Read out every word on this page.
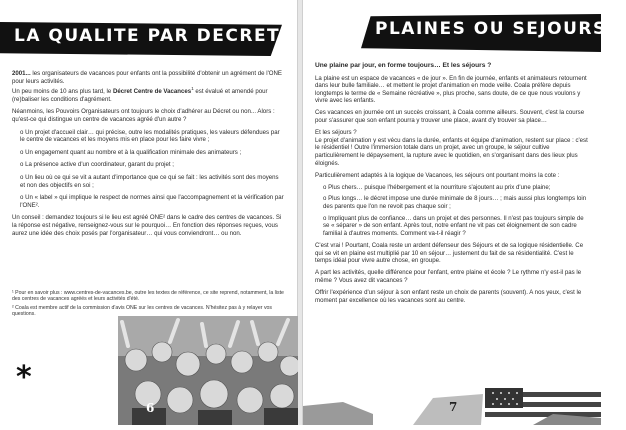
LA QUALITE PAR DECRET

2001... les organisateurs de vacances pour enfants ont la possibilité d'obtenir un agrément de l'ONE pour leurs activités.
Un peu moins de 10 ans plus tard, le Décret Centre de Vacances$^1$ est évalué et amendé pour (re)baliser les conditions d'agrément.

Néanmoins, les Pouvoirs Organisateurs ont toujours le choix d'adhérer au Décret ou non... Alors : qu'est-ce qui distingue un centre de vacances agréé d'un autre ?

o Un projet d'accueil clair… qui précise, outre les modalités pratiques, les valeurs défendues par le centre de vacances et les moyens mis en place pour les faire vivre ;

o Un engagement quant au nombre et à la qualification minimale des animateurs ;

o La présence active d'un coordinateur, garant du projet ;

o Un lieu où ce qui se vit a autant d'importance que ce qui se fait : les activités sont des moyens et non des objectifs en soi ;

o Un « label » qui implique le respect de normes ainsi que l'accompagnement et la vérification par l'ONE².

Un conseil : demandez toujours si le lieu est agréé ONE² dans le cadre des centres de vacances. Si la réponse est négative, renseignez-vous sur le pourquoi… En fonction des réponses reçues, vous aurez une idée des choix posés par l'organisateur… qui vous conviendront… ou non.

¹ Pour en savoir plus : www.centres-de-vacances.be, outre les textes de référence, ce site reprend, notamment, la liste des centres de vacances agréés et leurs activités d'été.

² Coala est membre actif de la commission d'avis ONE sur les centres de vacances. N'hésitez pas à y relayer vos questions.

6
*
PLAINES OU SEJOURS ?
Une plaine par jour, en forme toujours… Et les séjours ?

La plaine est un espace de vacances « de jour ». En fin de journée, enfants et animateurs retournent dans leur bulle familiale… et mettent le projet d'animation en mode veille. Coala préfère depuis longtemps le terme de « Semaine récréative », plus proche, sans doute, de ce que nous voulons y vivre avec les enfants.

Ces vacances en journée ont un succès croissant, à Coala comme ailleurs. Souvent, c'est la course pour s'assurer que son enfant pourra y trouver une place, avant d'y trouver sa place…

Et les séjours ?

Le projet d'animation y est vécu dans la durée, enfants et équipe d'animation, restent sur place : c'est le résidentiel ! Outre l'immersion totale dans un projet, avec un groupe, le séjour cultive particulièrement le dépaysement, la rupture avec le quotidien, en s'organisant dans des lieux plus éloignés.

Particulièrement adaptés à la logique de Vacances, les séjours ont pourtant moins la cote :

o Plus chers… puisque l'hébergement et la nourriture s'ajoutent au prix d'une plaine;

o Plus longs… le décret impose une durée minimale de 8 jours… ; mais aussi plus longtemps loin des parents que l'on ne revoit pas chaque soir ;

o Impliquant plus de confiance… dans un projet et des personnes. Il n'est pas toujours simple de se « séparer » de son enfant. Après tout, notre enfant ne vit pas cet éloignement de son cadre familial à d'autres moments. Comment va-t-il réagir ?

C'est vrai ! Pourtant, Coala reste un ardent défenseur des Séjours et de sa logique résidentielle. Ce qui se vit en plaine est multiplié par 10 en séjour… justement du fait de sa résidentialité. C'est le temps idéal pour vivre autre chose, en groupe.

A part les activités, quelle différence pour l'enfant, entre plaine et école ? Le rythme n'y est-il pas le même ? Vous avez dit vacances ?

Offrir l'expérience d'un séjour à son enfant reste un choix de parents (souvent). A nos yeux, c'est le moment par excellence où les vacances sont au centre.

7
